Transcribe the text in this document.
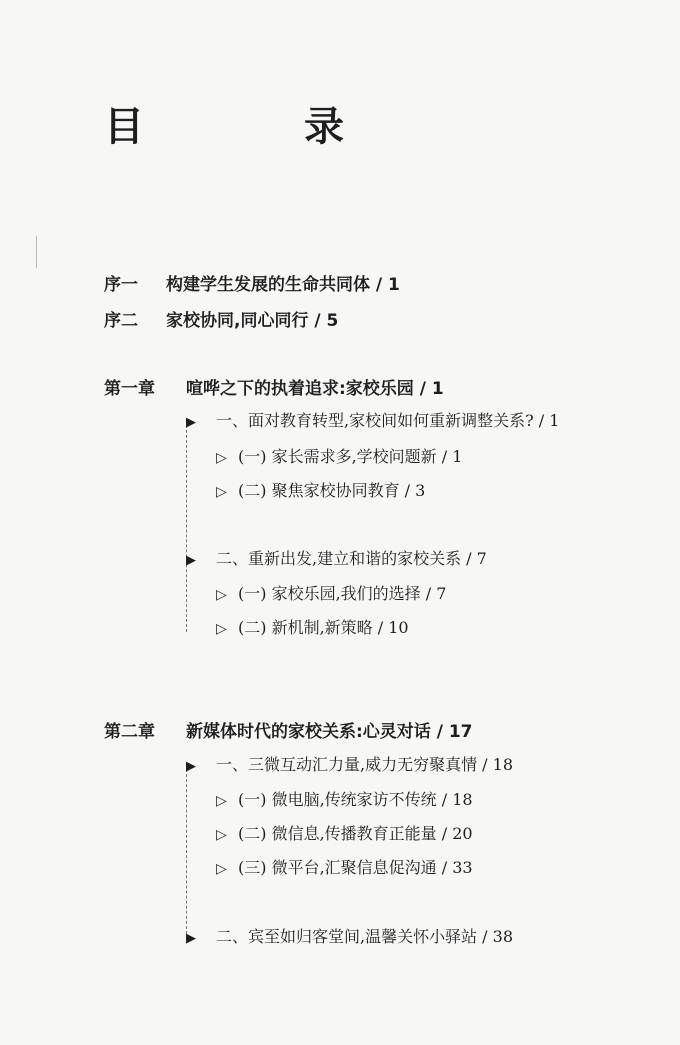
目　录
序一 构建学生发展的生命共同体 / 1
序二 家校协同,同心同行 / 5
第一章 喧哗之下的执着追求:家校乐园 / 1
▶ 一、面对教育转型,家校间如何重新调整关系? / 1
▷ (一) 家长需求多,学校问题新 / 1
▷ (二) 聚焦家校协同教育 / 3
▶ 二、重新出发,建立和谐的家校关系 / 7
▷ (一) 家校乐园,我们的选择 / 7
▷ (二) 新机制,新策略 / 10
第二章 新媒体时代的家校关系:心灵对话 / 17
▶ 一、三微互动汇力量,威力无穷聚真情 / 18
▷ (一) 微电脑,传统家访不传统 / 18
▷ (二) 微信息,传播教育正能量 / 20
▷ (三) 微平台,汇聚信息促沟通 / 33
▶ 二、宾至如归客堂间,温馨关怀小驿站 / 38
